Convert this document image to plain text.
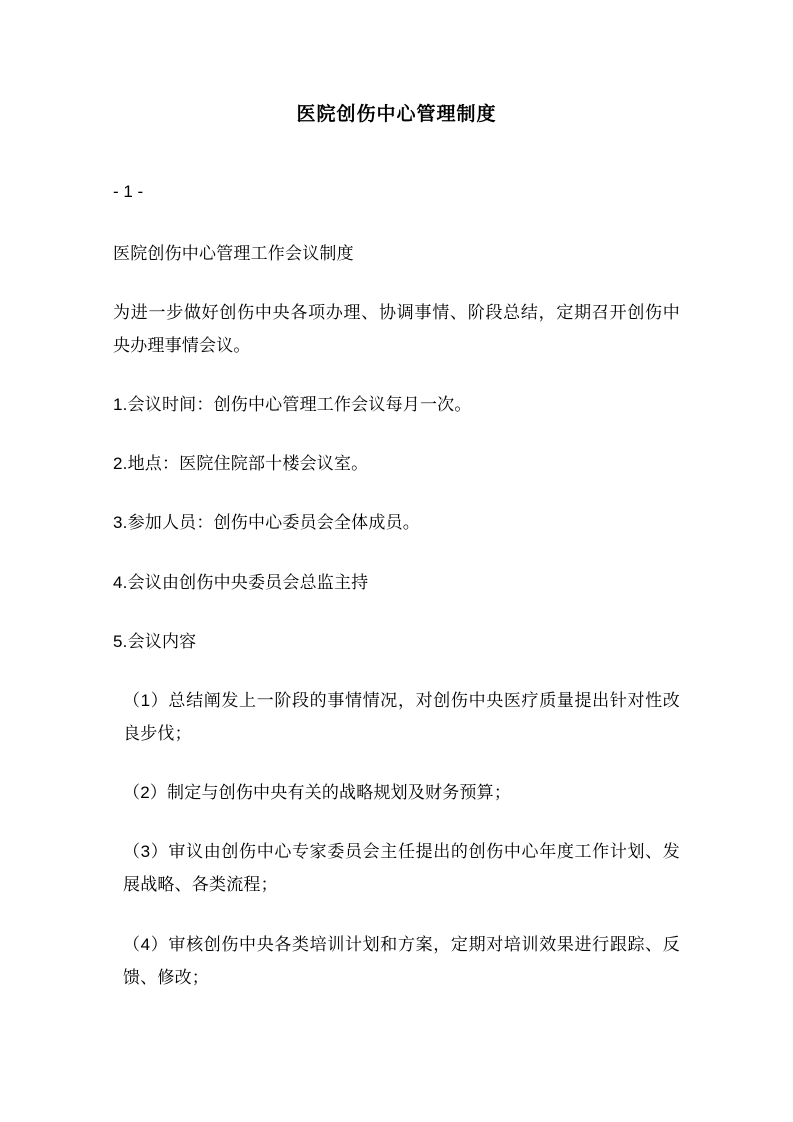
医院创伤中心管理制度
- 1 -

医院创伤中心管理工作会议制度

为进一步做好创伤中央各项办理、协调事情、阶段总结，定期召开创伤中央办理事情会议。

1.会议时间：创伤中心管理工作会议每月一次。

2.地点：医院住院部十楼会议室。

3.参加人员：创伤中心委员会全体成员。

4.会议由创伤中央委员会总监主持

5.会议内容

（1）总结阐发上一阶段的事情情况，对创伤中央医疗质量提出针对性改良步伐；

（2）制定与创伤中央有关的战略规划及财务预算；

（3）审议由创伤中心专家委员会主任提出的创伤中心年度工作计划、发展战略、各类流程；

（4）审核创伤中央各类培训计划和方案，定期对培训效果进行跟踪、反馈、修改；
